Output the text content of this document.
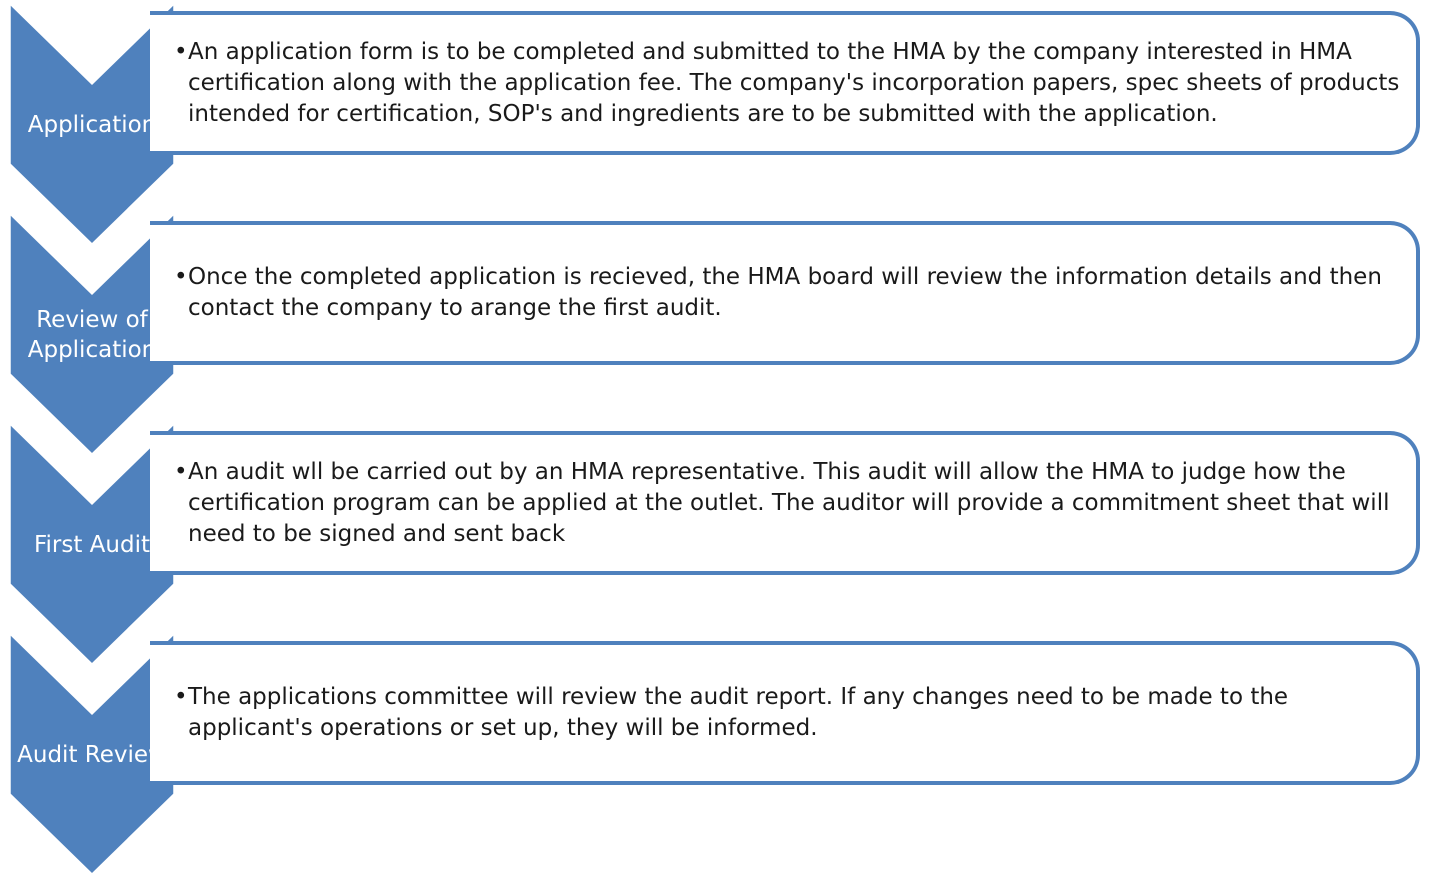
• An application form is to be completed and submitted to the HMA by the company interested in HMA certification along with the application fee. The company's incorporation papers, spec sheets of products intended for certification, SOP's and ingredients are to be submitted with the application.
Application
• Once the completed application is recieved, the HMA board will review the information details and then contact the company to arange the first audit.
Review of
Application
• An audit wll be carried out by an HMA representative. This audit will allow the HMA to judge how the certification program can be applied at the outlet. The auditor will provide a commitment sheet that will need to be signed and sent back
First Audit
• The applications committee will review the audit report. If any changes need to be made to the applicant's operations or set up, they will be informed.
Audit Review
